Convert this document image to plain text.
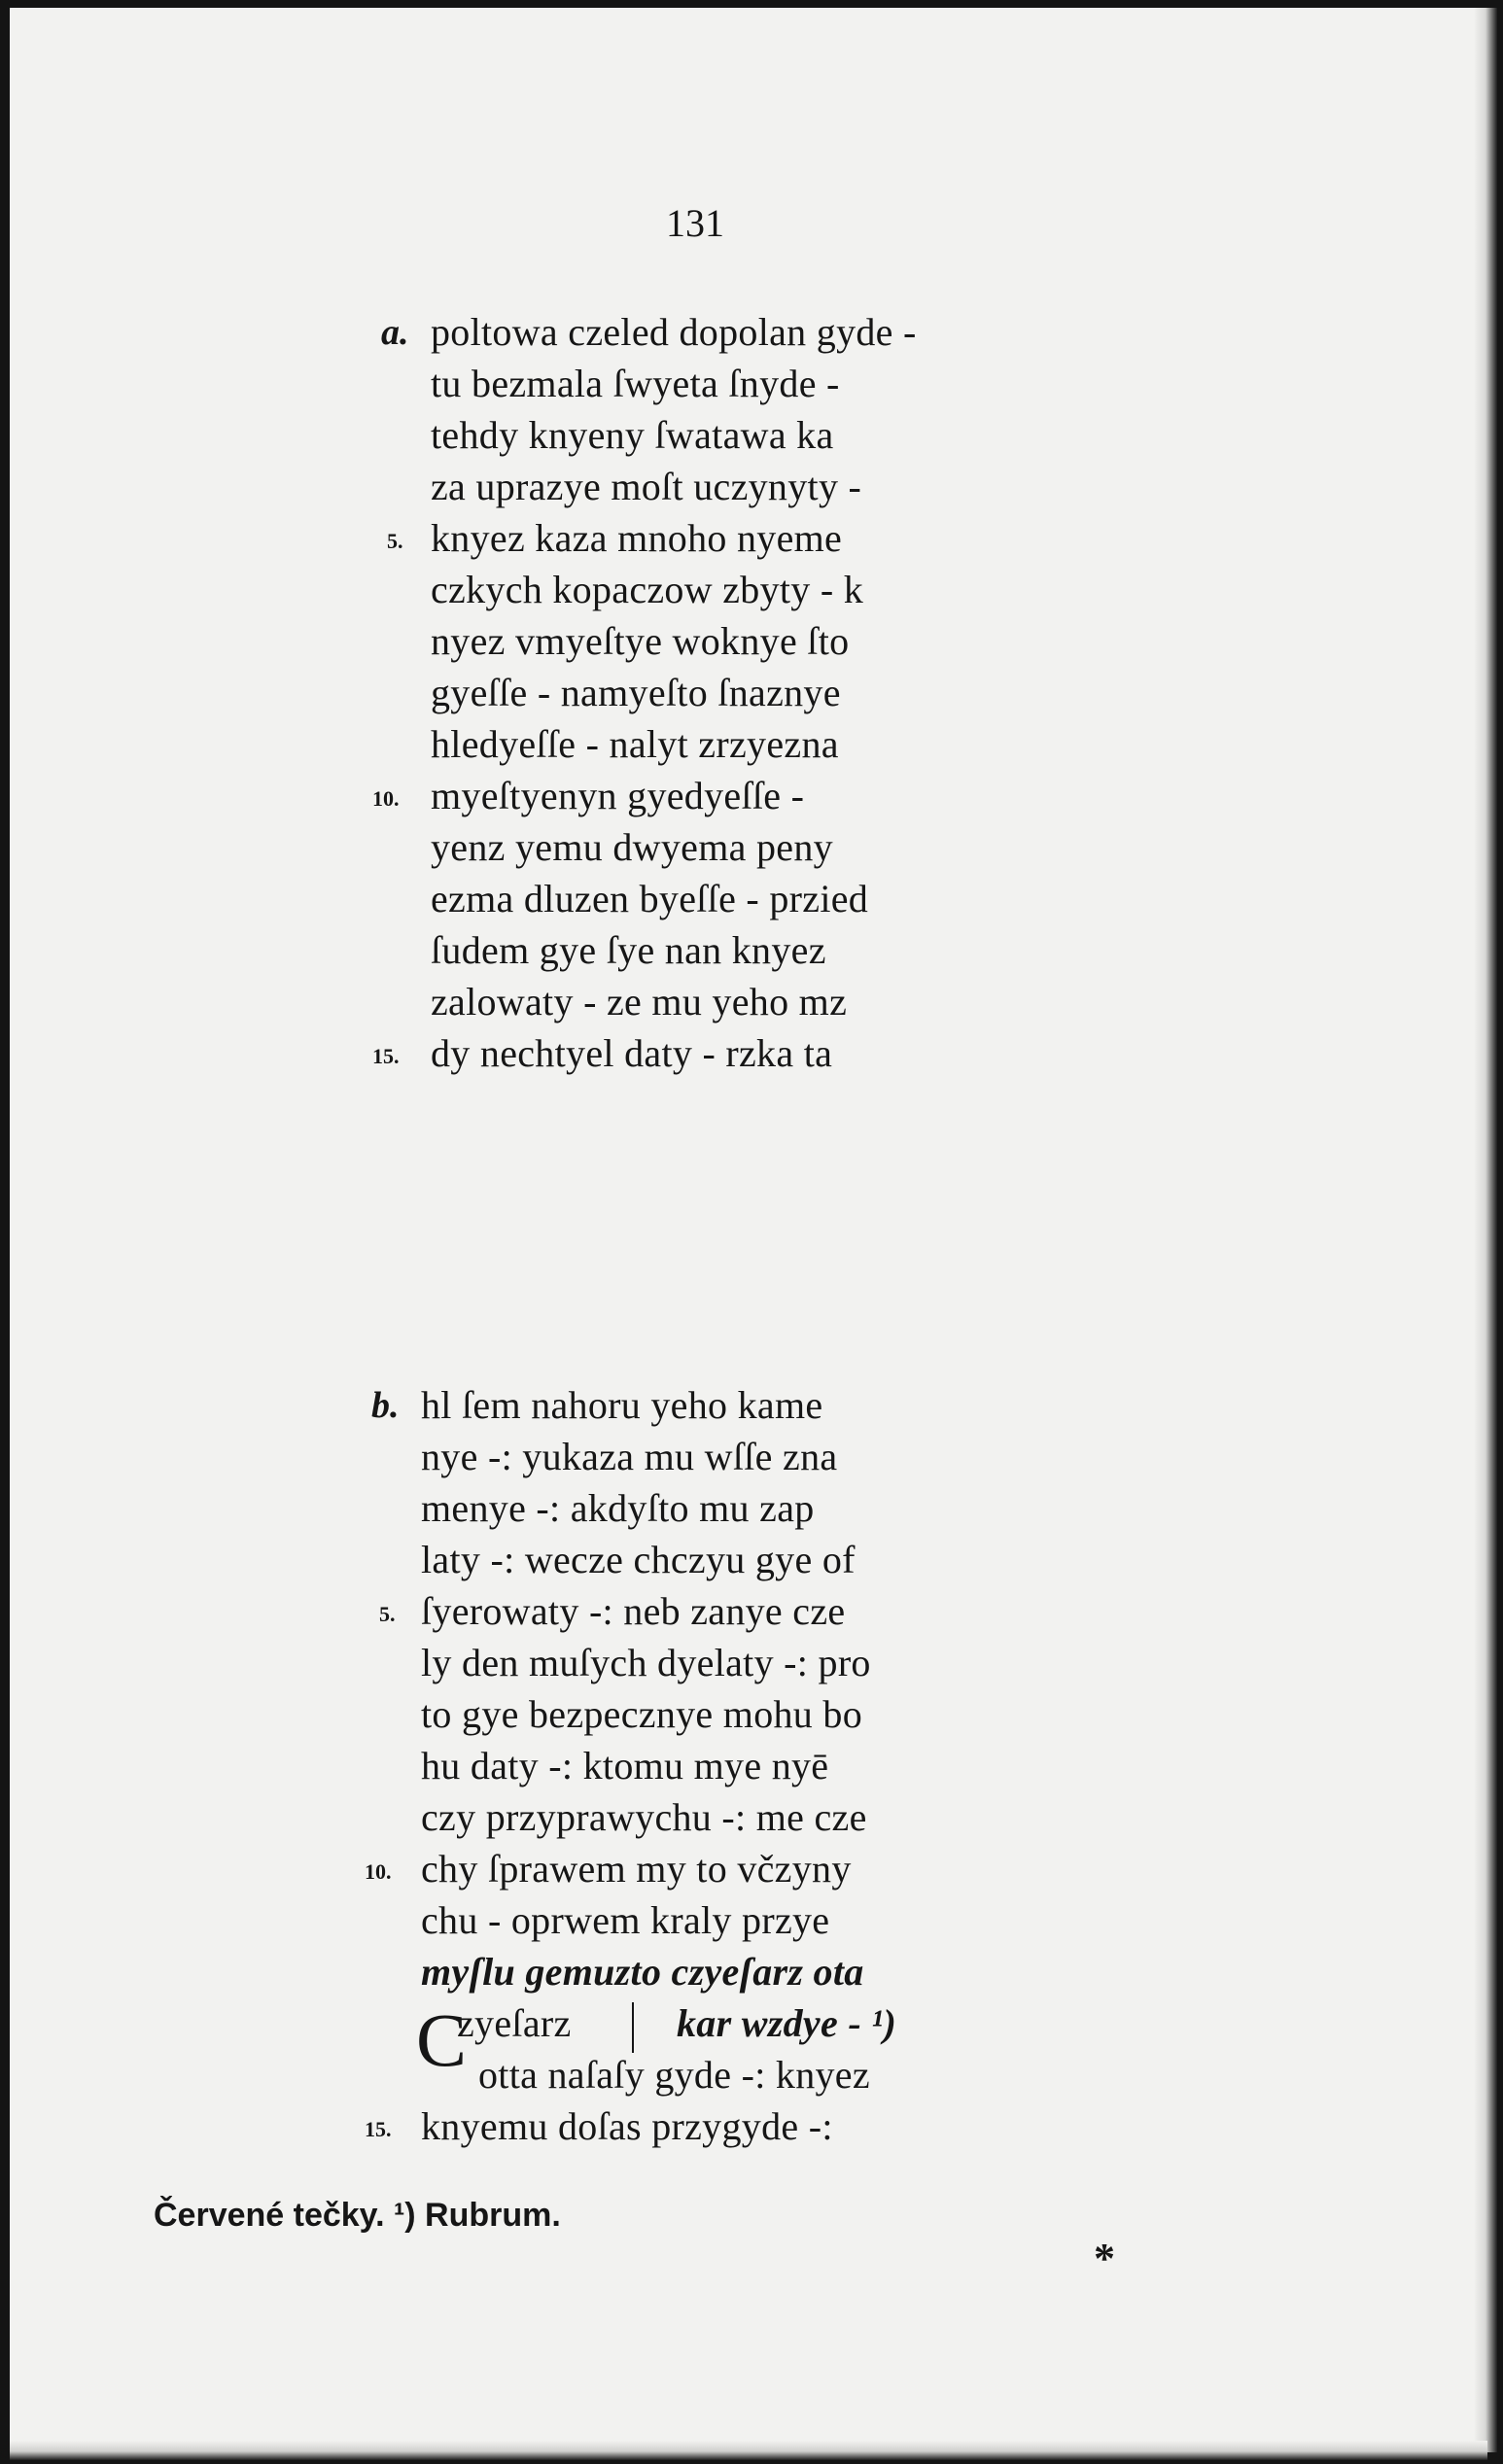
131
a. poltowa czeled dopolan gyde -
tu bezmala ſwyeta ſnyde -
tehdy knyeny ſwatawa ka
za uprazye moſt uczynyty -
5. knyez kaza mnoho nyeme
czkych kopaczow zbyty - k
nyez vmyeſtye woknye ſto
gyeſſe - namyeſto ſnaznye
hledyeſſe - nalyt zrzyezna
10. myeſtyenyn gyedyeſſe -
yenz yemu dwyema peny
ezma dluzen byeſſe - przied
ſudem gye ſye nan knyez
zalowaty - ze mu yeho mz
15. dy nechtyel daty - rzka ta
b. hl ſem nahoru yeho kame
nye -: yukaza mu wſſe zna
menye -: akdyſto mu zap
laty -: wecze chczyu gye of
5. ſyerowaty -: neb zanye cze
ly den muſych dyelaty -: pro
to gye bezpecznye mohu bo
hu daty -: ktomu mye nyē
czy przyprawychu -: me cze
10. chy ſprawem my to včzyny
chu - oprwem kraly przye
myſlu gemuzto czyeſarz ota
C
zyeſarz	kar wzdye - ¹)
otta naſaſy gyde -: knyez
15. knyemu doſas przygyde -:
Červené tečky. ¹) Rubrum.
*
